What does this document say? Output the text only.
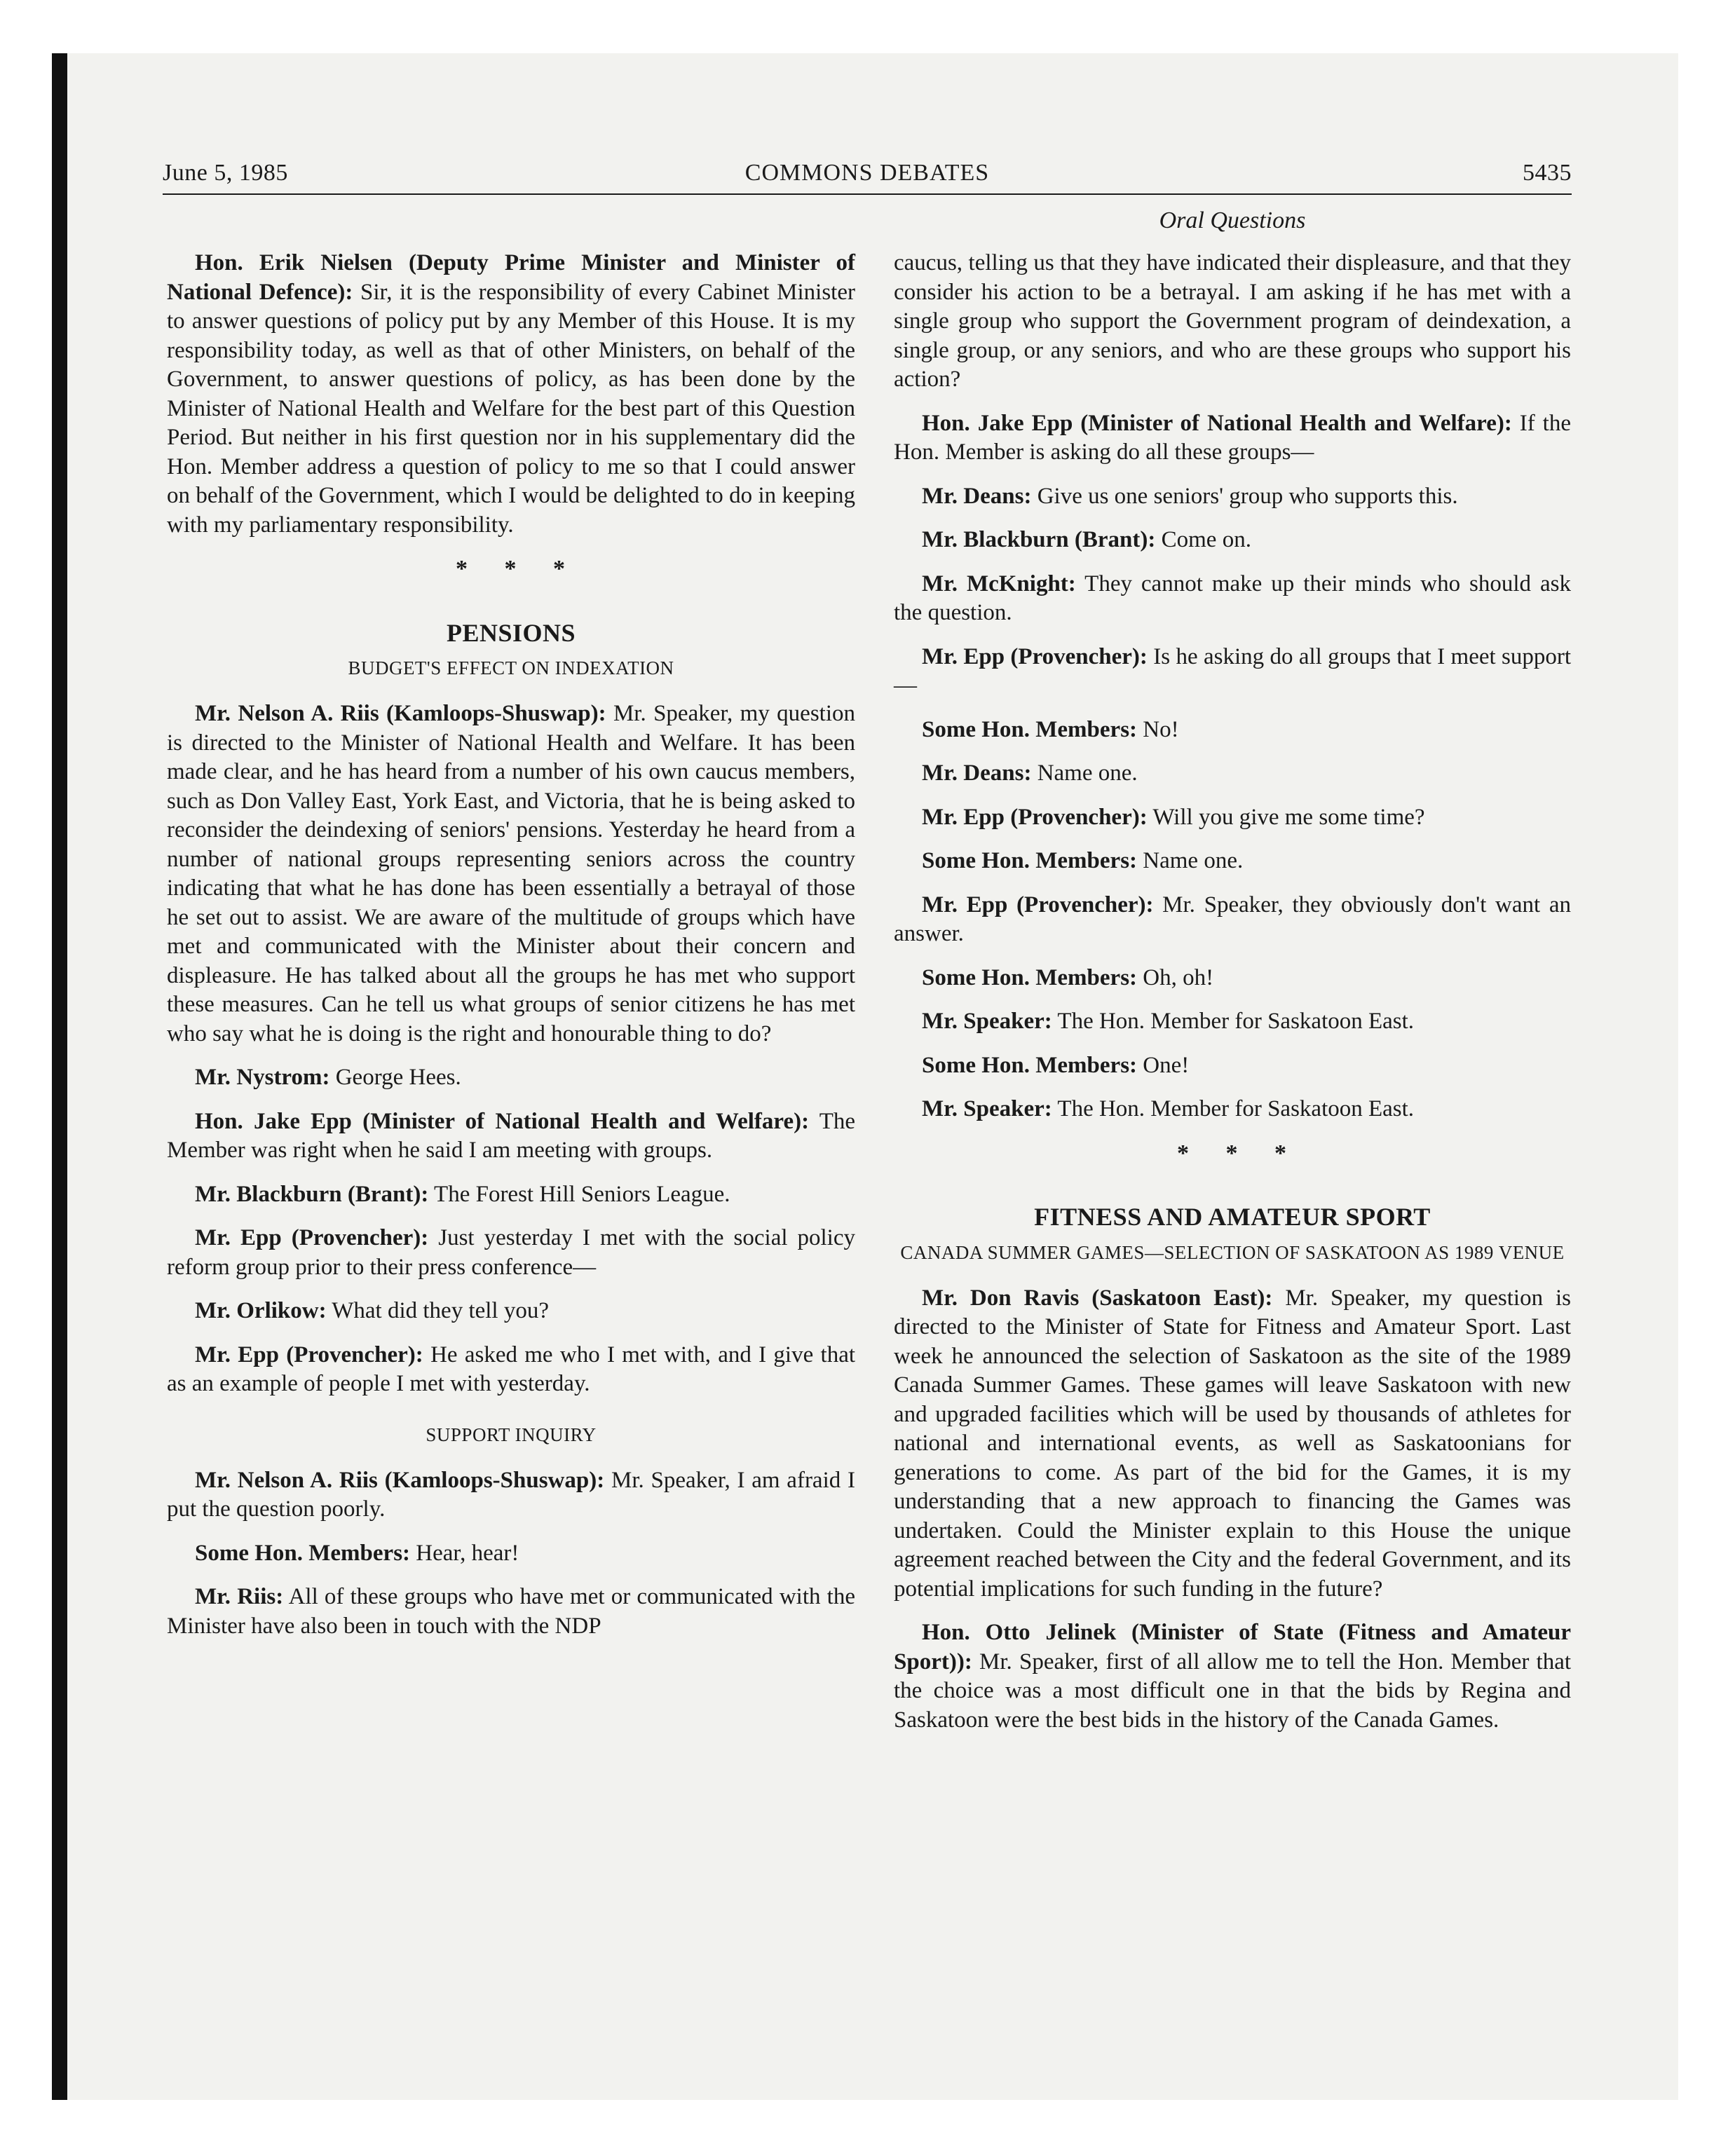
June 5, 1985	COMMONS DEBATES	5435
Oral Questions

Hon. Erik Nielsen (Deputy Prime Minister and Minister of National Defence): Sir, it is the responsibility of every Cabinet Minister to answer questions of policy put by any Member of this House. It is my responsibility today, as well as that of other Ministers, on behalf of the Government, to answer questions of policy, as has been done by the Minister of National Health and Welfare for the best part of this Question Period. But neither in his first question nor in his supplementary did the Hon. Member address a question of policy to me so that I could answer on behalf of the Government, which I would be delighted to do in keeping with my parliamentary responsibility.

* * *
PENSIONS
BUDGET'S EFFECT ON INDEXATION

Mr. Nelson A. Riis (Kamloops-Shuswap): Mr. Speaker, my question is directed to the Minister of National Health and Welfare. It has been made clear, and he has heard from a number of his own caucus members, such as Don Valley East, York East, and Victoria, that he is being asked to reconsider the deindexing of seniors' pensions. Yesterday he heard from a number of national groups representing seniors across the country indicating that what he has done has been essentially a betrayal of those he set out to assist. We are aware of the multitude of groups which have met and communicated with the Minister about their concern and displeasure. He has talked about all the groups he has met who support these measures. Can he tell us what groups of senior citizens he has met who say what he is doing is the right and honourable thing to do?

Mr. Nystrom: George Hees.

Hon. Jake Epp (Minister of National Health and Welfare): The Member was right when he said I am meeting with groups.

Mr. Blackburn (Brant): The Forest Hill Seniors League.

Mr. Epp (Provencher): Just yesterday I met with the social policy reform group prior to their press conference—

Mr. Orlikow: What did they tell you?

Mr. Epp (Provencher): He asked me who I met with, and I give that as an example of people I met with yesterday.

SUPPORT INQUIRY

Mr. Nelson A. Riis (Kamloops-Shuswap): Mr. Speaker, I am afraid I put the question poorly.

Some Hon. Members: Hear, hear!

Mr. Riis: All of these groups who have met or communicated with the Minister have also been in touch with the NDP

caucus, telling us that they have indicated their displeasure, and that they consider his action to be a betrayal. I am asking if he has met with a single group who support the Government program of deindexation, a single group, or any seniors, and who are these groups who support his action?

Hon. Jake Epp (Minister of National Health and Welfare): If the Hon. Member is asking do all these groups—

Mr. Deans: Give us one seniors' group who supports this.

Mr. Blackburn (Brant): Come on.

Mr. McKnight: They cannot make up their minds who should ask the question.

Mr. Epp (Provencher): Is he asking do all groups that I meet support—

Some Hon. Members: No!

Mr. Deans: Name one.

Mr. Epp (Provencher): Will you give me some time?

Some Hon. Members: Name one.

Mr. Epp (Provencher): Mr. Speaker, they obviously don't want an answer.

Some Hon. Members: Oh, oh!

Mr. Speaker: The Hon. Member for Saskatoon East.

Some Hon. Members: One!

Mr. Speaker: The Hon. Member for Saskatoon East.

* * *
FITNESS AND AMATEUR SPORT
CANADA SUMMER GAMES—SELECTION OF SASKATOON AS 1989 VENUE

Mr. Don Ravis (Saskatoon East): Mr. Speaker, my question is directed to the Minister of State for Fitness and Amateur Sport. Last week he announced the selection of Saskatoon as the site of the 1989 Canada Summer Games. These games will leave Saskatoon with new and upgraded facilities which will be used by thousands of athletes for national and international events, as well as Saskatoonians for generations to come. As part of the bid for the Games, it is my understanding that a new approach to financing the Games was undertaken. Could the Minister explain to this House the unique agreement reached between the City and the federal Government, and its potential implications for such funding in the future?

Hon. Otto Jelinek (Minister of State (Fitness and Amateur Sport)): Mr. Speaker, first of all allow me to tell the Hon. Member that the choice was a most difficult one in that the bids by Regina and Saskatoon were the best bids in the history of the Canada Games.
